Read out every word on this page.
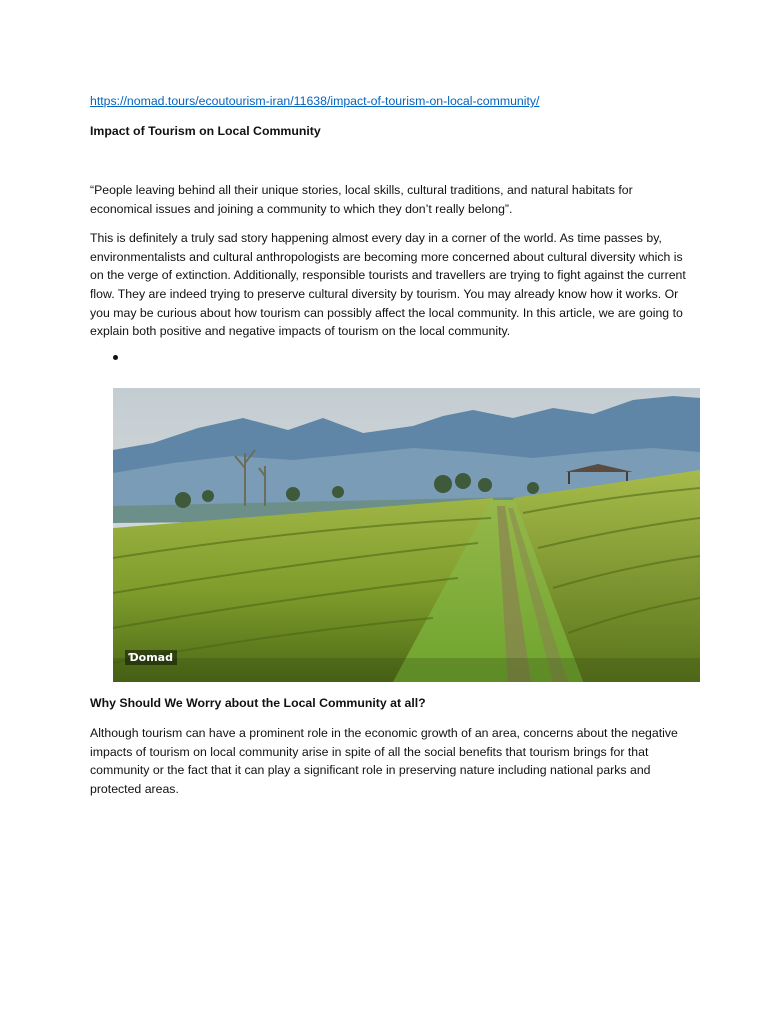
https://nomad.tours/ecoutourism-iran/11638/impact-of-tourism-on-local-community/
Impact of Tourism on Local Community

“People leaving behind all their unique stories, local skills, cultural traditions, and natural habitats for economical issues and joining a community to which they don’t really belong”.

This is definitely a truly sad story happening almost every day in a corner of the world. As time passes by, environmentalists and cultural anthropologists are becoming more concerned about cultural diversity which is on the verge of extinction. Additionally, responsible tourists and travellers are trying to fight against the current flow. They are indeed trying to preserve cultural diversity by tourism. You may already know how it works. Or you may be curious about how tourism can possibly affect the local community. In this article, we are going to explain both positive and negative impacts of tourism on the local community.

Ɗomad
Why Should We Worry about the Local Community at all?

Although tourism can have a prominent role in the economic growth of an area, concerns about the negative impacts of tourism on local community arise in spite of all the social benefits that tourism brings for that community or the fact that it can play a significant role in preserving nature including national parks and protected areas.
